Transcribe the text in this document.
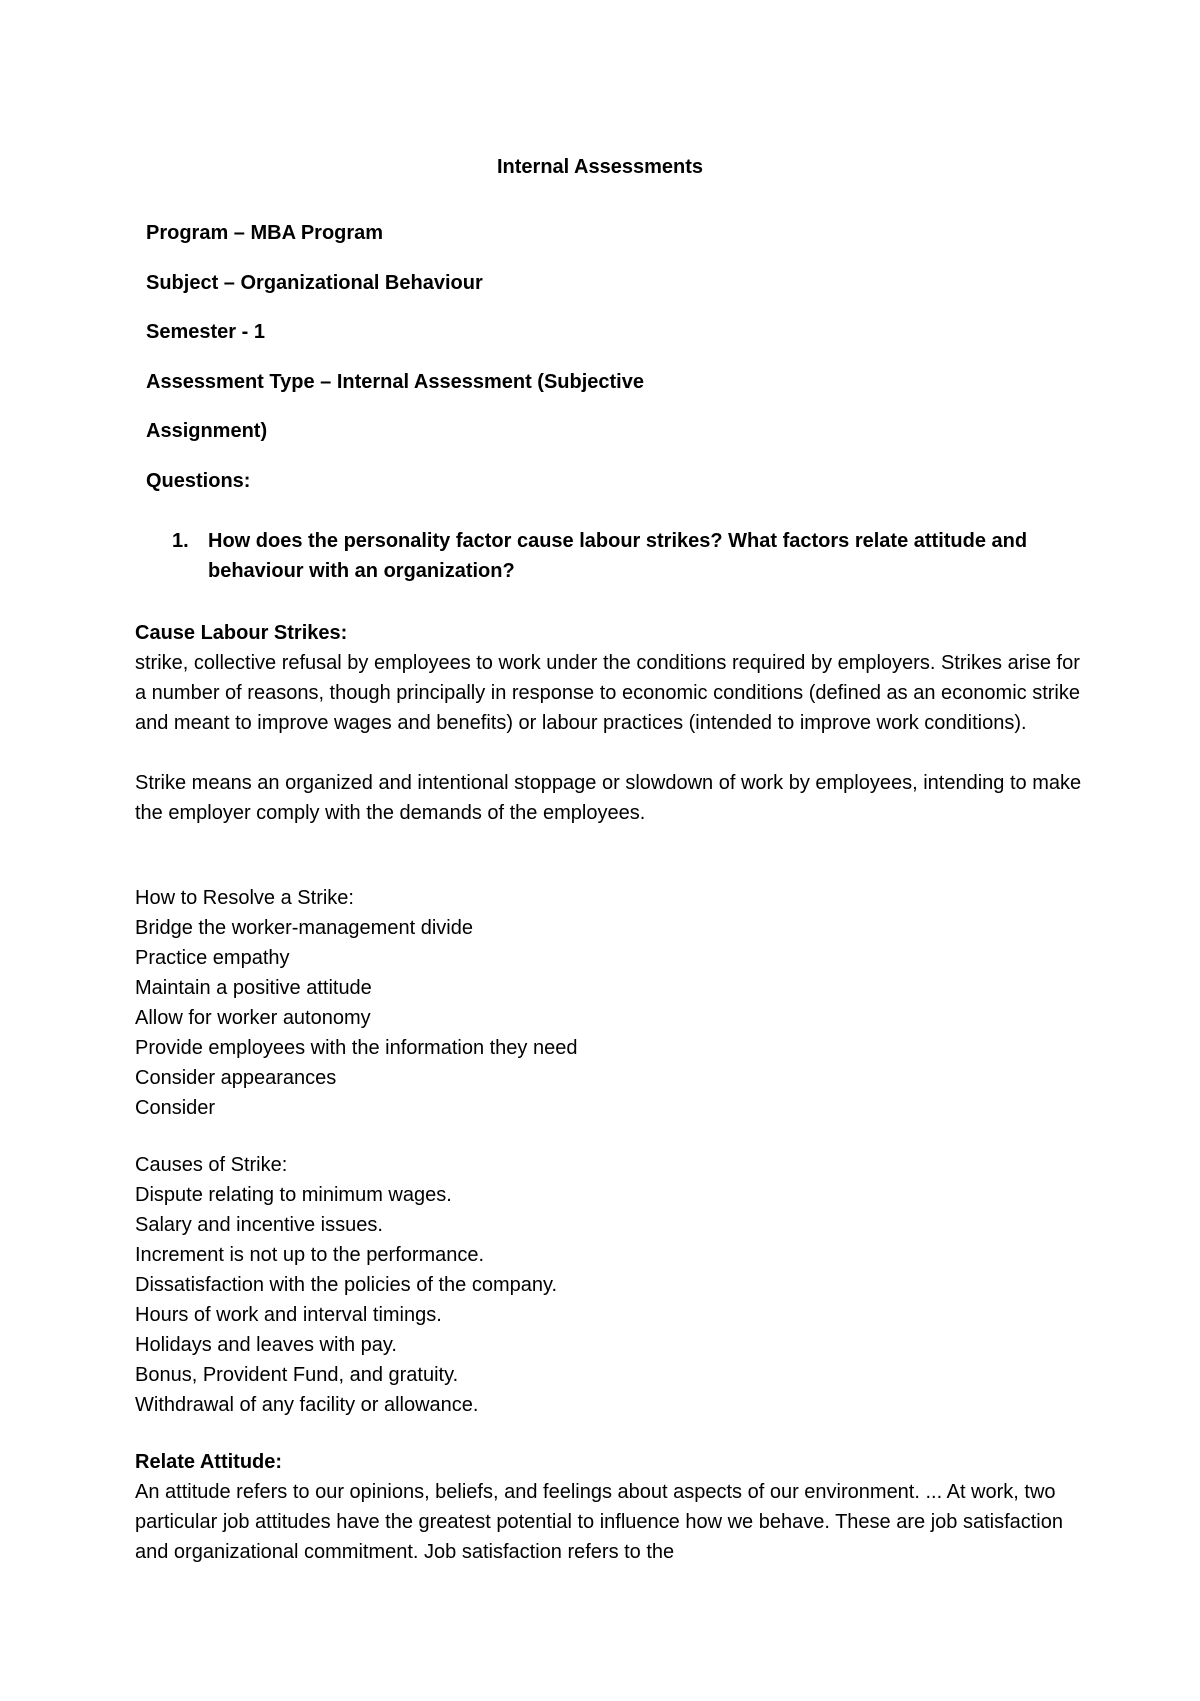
Internal Assessments

Program – MBA Program

Subject – Organizational Behaviour

Semester - 1

Assessment Type – Internal Assessment (Subjective

Assignment)

Questions:

1. How does the personality factor cause labour strikes? What factors relate attitude and behaviour with an organization?

Cause Labour Strikes:

strike, collective refusal by employees to work under the conditions required by employers. Strikes arise for a number of reasons, though principally in response to economic conditions (defined as an economic strike and meant to improve wages and benefits) or labour practices (intended to improve work conditions).

Strike means an organized and intentional stoppage or slowdown of work by employees, intending to make the employer comply with the demands of the employees.

How to Resolve a Strike:

Bridge the worker-management divide
Practice empathy
Maintain a positive attitude
Allow for worker autonomy
Provide employees with the information they need
Consider appearances
Consider

Causes of Strike:

Dispute relating to minimum wages.
Salary and incentive issues.
Increment is not up to the performance.
Dissatisfaction with the policies of the company.
Hours of work and interval timings.
Holidays and leaves with pay.
Bonus, Provident Fund, and gratuity.
Withdrawal of any facility or allowance.

Relate Attitude:

An attitude refers to our opinions, beliefs, and feelings about aspects of our environment. ... At work, two particular job attitudes have the greatest potential to influence how we behave. These are job satisfaction and organizational commitment. Job satisfaction refers to the
